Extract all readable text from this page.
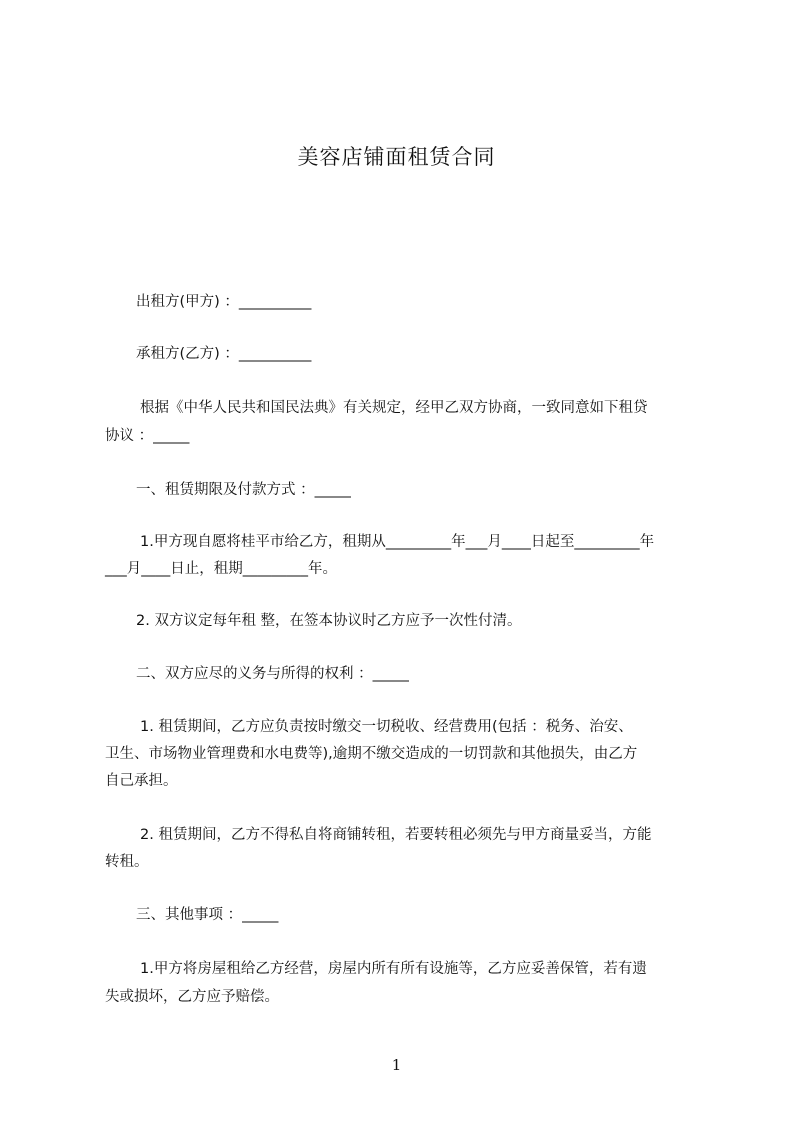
美容店铺面租赁合同
出租方(甲方) ：__________
承租方(乙方) ：__________
根据《中华人民共和国民法典》有关规定，经甲乙双方协商，一致同意如下租贷
协议 ：_____
一、租赁期限及付款方式 ：_____
1.甲方现自愿将桂平市给乙方，租期从_________年___月____日起至_________年
___月____日止，租期_________年。
2. 双方议定每年租 整，在签本协议时乙方应予一次性付清。
二、双方应尽的义务与所得的权利 ：_____
1. 租赁期间，乙方应负责按时缴交一切税收、经营费用(包括 ：税务、治安、
卫生、市场物业管理费和水电费等),逾期不缴交造成的一切罚款和其他损失，由乙方
自己承担。
2. 租赁期间，乙方不得私自将商铺转租，若要转租必须先与甲方商量妥当，方能
转租。
三、其他事项 ：_____
1.甲方将房屋租给乙方经营，房屋内所有所有设施等，乙方应妥善保管，若有遗
失或损坏，乙方应予赔偿。
1
